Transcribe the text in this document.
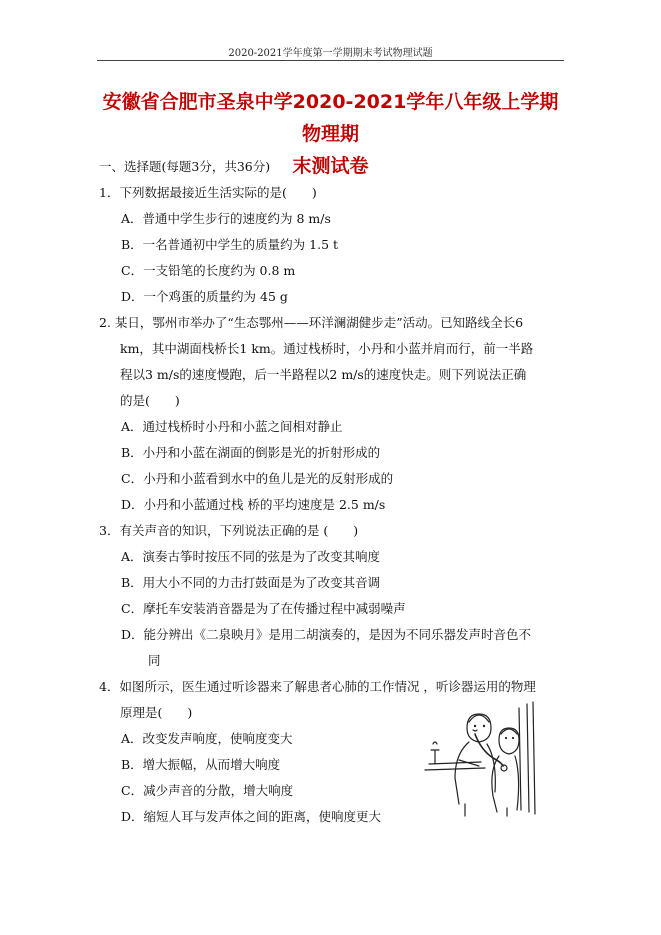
2020-2021学年度第一学期期末考试物理试题
安徽省合肥市圣泉中学2020-2021学年八年级上学期物理期
末测试卷
一、选择题(每题3分，共36分)
1．下列数据最接近生活实际的是(　　)
A．普通中学生步行的速度约为 8 m/s
B．一名普通初中学生的质量约为 1.5 t
C．一支铅笔的长度约为 0.8 m
D．一个鸡蛋的质量约为 45 g
2. 某日，鄂州市举办了“生态鄂州——环洋澜湖健步走”活动。已知路线全长6
km，其中湖面栈桥长1 km。通过栈桥时，小丹和小蓝并肩而行，前一半路
程以3 m/s的速度慢跑，后一半路程以2 m/s的速度快走。则下列说法正确
的是(　　)
A．通过栈桥时小丹和小蓝之间相对静止
B．小丹和小蓝在湖面的倒影是光的折射形成的
C．小丹和小蓝看到水中的鱼儿是光的反射形成的
D．小丹和小蓝通过栈 桥的平均速度是 2.5 m/s
3．有关声音的知识，下列说法正确的是 (　　)
A．演奏古筝时按压不同的弦是为了改变其响度
B．用大小不同的力击打鼓面是为了改变其音调
C．摩托车安装消音器是为了在传播过程中减弱噪声
D．能分辨出《二泉映月》是用二胡演奏的，是因为不同乐器发声时音色不
同
4．如图所示，医生通过听诊器来了解患者心肺的工作情况 ，听诊器运用的物理
原理是(　　)
A．改变发声响度，使响度变大
B．增大振幅，从而增大响度
C．减少声音的分散，增大响度
D．缩短人耳与发声体之间的距离，使响度更大
